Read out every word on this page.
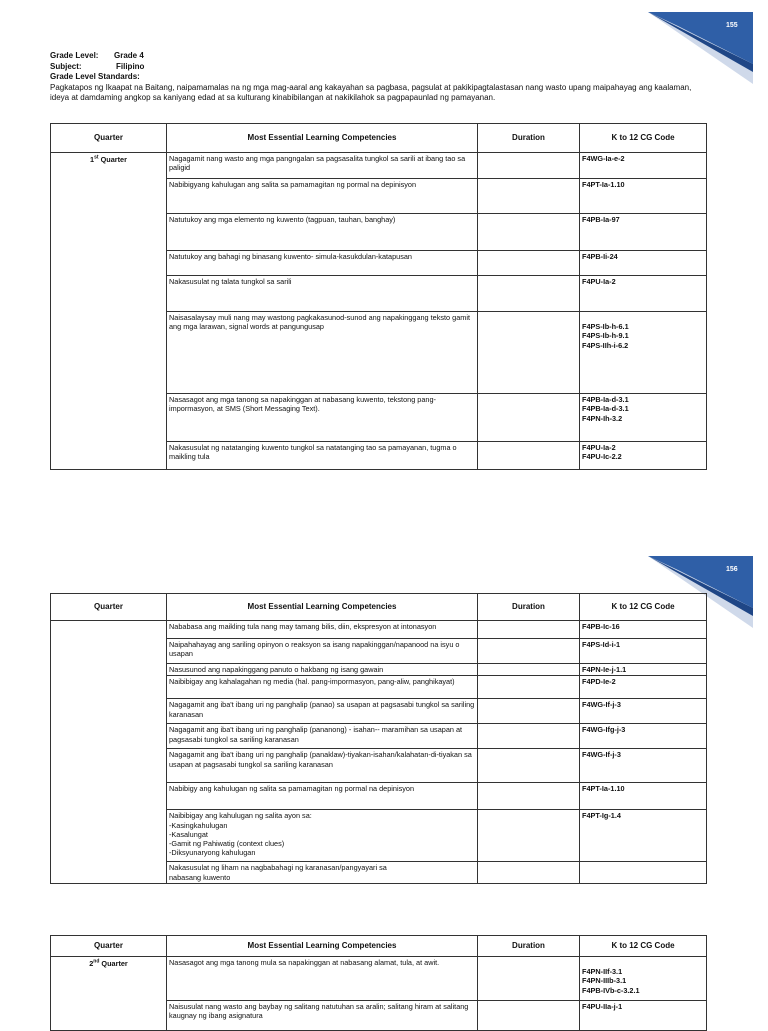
155
Grade Level: Grade 4
Subject:	Filipino
Grade Level Standards:
Pagkatapos ng Ikaapat na Baitang, naipamamalas na ng mga mag-aaral ang kakayahan sa pagbasa, pagsulat at pakikipagtalastasan nang wasto upang maipahayag ang kaalaman, ideya at damdaming angkop sa kaniyang edad at sa kulturang kinabibilangan at nakikilahok sa pagpapaunlad ng pamayanan.
Quarter	Most Essential Learning Competencies	Duration	K to 12 CG Code
1st Quarter	Nagagamit nang wasto ang mga pangngalan sa pagsasalita tungkol sa sarili at ibang tao sa paligid		F4WG-Ia-e-2

	Nabibigyang kahulugan ang salita sa pamamagitan ng pormal na depinisyon		F4PT-Ia-1.10

	Natutukoy ang mga elemento ng kuwento (tagpuan, tauhan, banghay)		F4PB-Ia-97

	Natutukoy ang bahagi ng binasang kuwento- simula-kasukdulan-katapusan		F4PB-Ii-24

	Nakasusulat ng talata tungkol sa sarili		F4PU-Ia-2

	Naisasalaysay muli nang may wastong pagkakasunod-sunod ang napakinggang teksto gamit ang mga larawan, signal words at pangungusap		F4PS-Ib-h-6.1
F4PS-Ib-h-9.1
F4PS-IIh-i-6.2

	Nasasagot ang mga tanong sa napakinggan at nabasang kuwento, tekstong pang-impormasyon, at SMS (Short Messaging Text).		F4PB-Ia-d-3.1
F4PB-Ia-d-3.1
F4PN-Ih-3.2

	Nakasusulat ng natatanging kuwento tungkol sa natatanging tao sa pamayanan, tugma o maikling tula		F4PU-Ia-2
F4PU-Ic-2.2
156
Quarter	Most Essential Learning Competencies	Duration	K to 12 CG Code

	Nababasa ang maikling tula nang may tamang bilis, diin, ekspresyon at intonasyon		F4PB-Ic-16

	Naipahahayag ang sariling opinyon o reaksyon sa isang napakinggan/napanood na isyu o usapan		F4PS-Id-i-1

	Nasusunod ang napakinggang panuto o hakbang ng isang gawain		F4PN-Ie-j-1.1

	Naibibigay ang kahalagahan ng media (hal. pang-impormasyon, pang-aliw, panghikayat)		F4PD-Ie-2

	Nagagamit ang iba't ibang uri ng panghalip (panao) sa usapan at pagsasabi tungkol sa sariling karanasan		F4WG-If-j-3

	Nagagamit ang iba't ibang uri ng panghalip (pananong) - isahan-- maramihan sa usapan at pagsasabi tungkol sa sariling karanasan		F4WG-Ifg-j-3

	Nagagamit ang iba't ibang uri ng panghalip (panaklaw)-tiyakan-isahan/kalahatan-di-tiyakan sa usapan at pagsasabi tungkol sa sariling karanasan		F4WG-If-j-3

	Nabibigy ang kahulugan ng salita sa pamamagitan ng pormal na depinisyon		F4PT-Ia-1.10

	Naibibigay ang kahulugan ng salita ayon sa:
-Kasingkahulugan
-Kasalungat
-Gamit ng Pahiwatig (context clues)
-Diksyunaryong kahulugan		F4PT-Ig-1.4

	Nakasusulat ng liham na nagbabahagi ng karanasan/pangyayari sa
nabasang kuwento		

Quarter	Most Essential Learning Competencies	Duration	K to 12 CG Code
2nd Quarter	Nasasagot ang mga tanong mula sa napakinggan at nabasang alamat, tula, at awit.		F4PN-IIf-3.1
F4PN-IIIb-3.1
F4PB-IVb-c-3.2.1

	Naisusulat nang wasto ang baybay ng salitang natutuhan sa aralin; salitang hiram at salitang kaugnay ng ibang asignatura		F4PU-IIa-j-1
